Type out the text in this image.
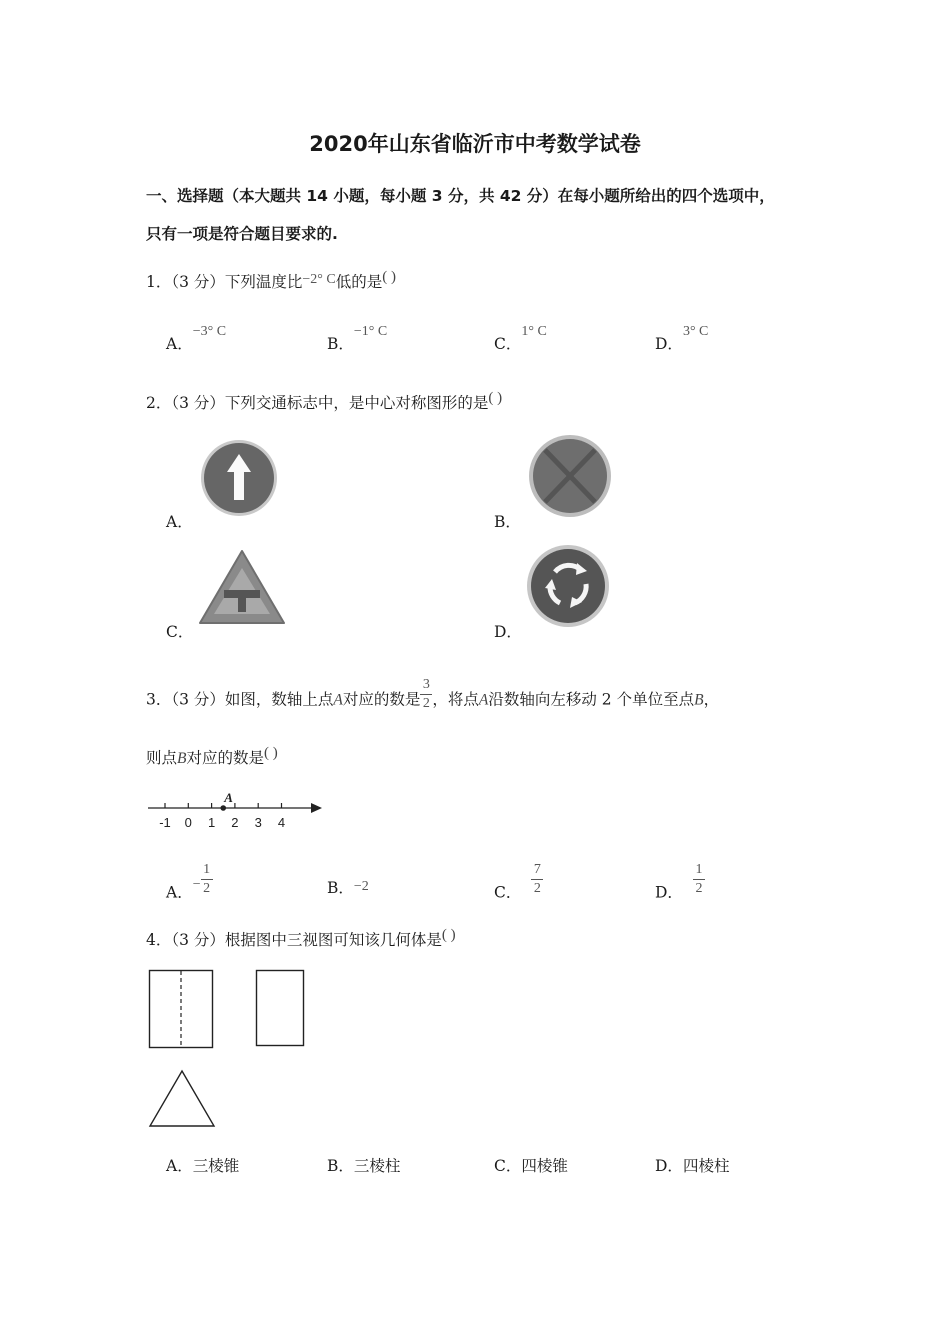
2020年山东省临沂市中考数学试卷
一、选择题（本大题共 14 小题，每小题 3 分，共 42 分）在每小题所给出的四个选项中，
只有一项是符合题目要求的.
1．（3 分）下列温度比−2° C低的是( )
A．−3° C
B．−1° C
C．1° C
D．3° C
2．（3 分）下列交通标志中，是中心对称图形的是( )
A．	B．
C．	D．
3．（3 分）如图，数轴上点A对应的数是 $\frac{3}{2}$ ，将点A沿数轴向左移动 2 个单位至点B，
则点B对应的数是( )
-1 0 1 2 3 4
A
A．− $\frac{1}{2}$	B．−2	C． $\frac{7}{2}$	D． $\frac{1}{2}$
4．（3 分）根据图中三视图可知该几何体是( )
A．三棱锥	B．三棱柱	C．四棱锥	D．四棱柱
